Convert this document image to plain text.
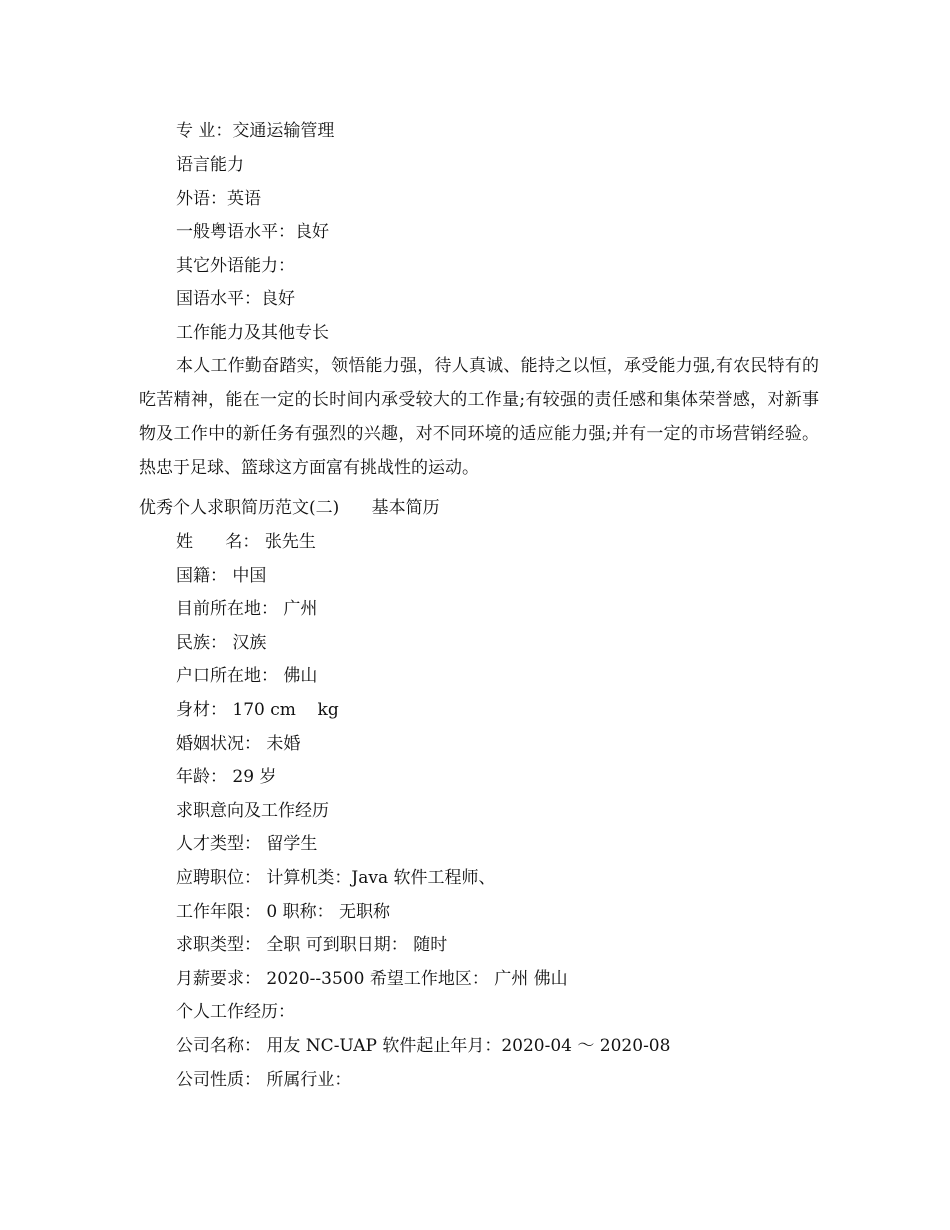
专 业：交通运输管理
语言能力
外语：英语
一般粤语水平：良好
其它外语能力：
国语水平：良好
工作能力及其他专长
本人工作勤奋踏实，领悟能力强，待人真诚、能持之以恒，承受能力强,有农民特有的吃苦精神，能在一定的长时间内承受较大的工作量;有较强的责任感和集体荣誉感，对新事物及工作中的新任务有强烈的兴趣，对不同环境的适应能力强;并有一定的市场营销经验。 热忠于足球、篮球这方面富有挑战性的运动。
优秀个人求职简历范文(二)      基本简历
姓      名： 张先生
国籍： 中国
目前所在地： 广州
民族： 汉族
户口所在地： 佛山
身材： 170 cm    kg
婚姻状况： 未婚
年龄： 29 岁
求职意向及工作经历
人才类型： 留学生
应聘职位： 计算机类：Java 软件工程师、
工作年限： 0 职称： 无职称
求职类型： 全职 可到职日期： 随时
月薪要求： 2020--3500 希望工作地区： 广州 佛山
个人工作经历：
公司名称： 用友 NC-UAP 软件起止年月：2020-04 ～ 2020-08
公司性质： 所属行业：
